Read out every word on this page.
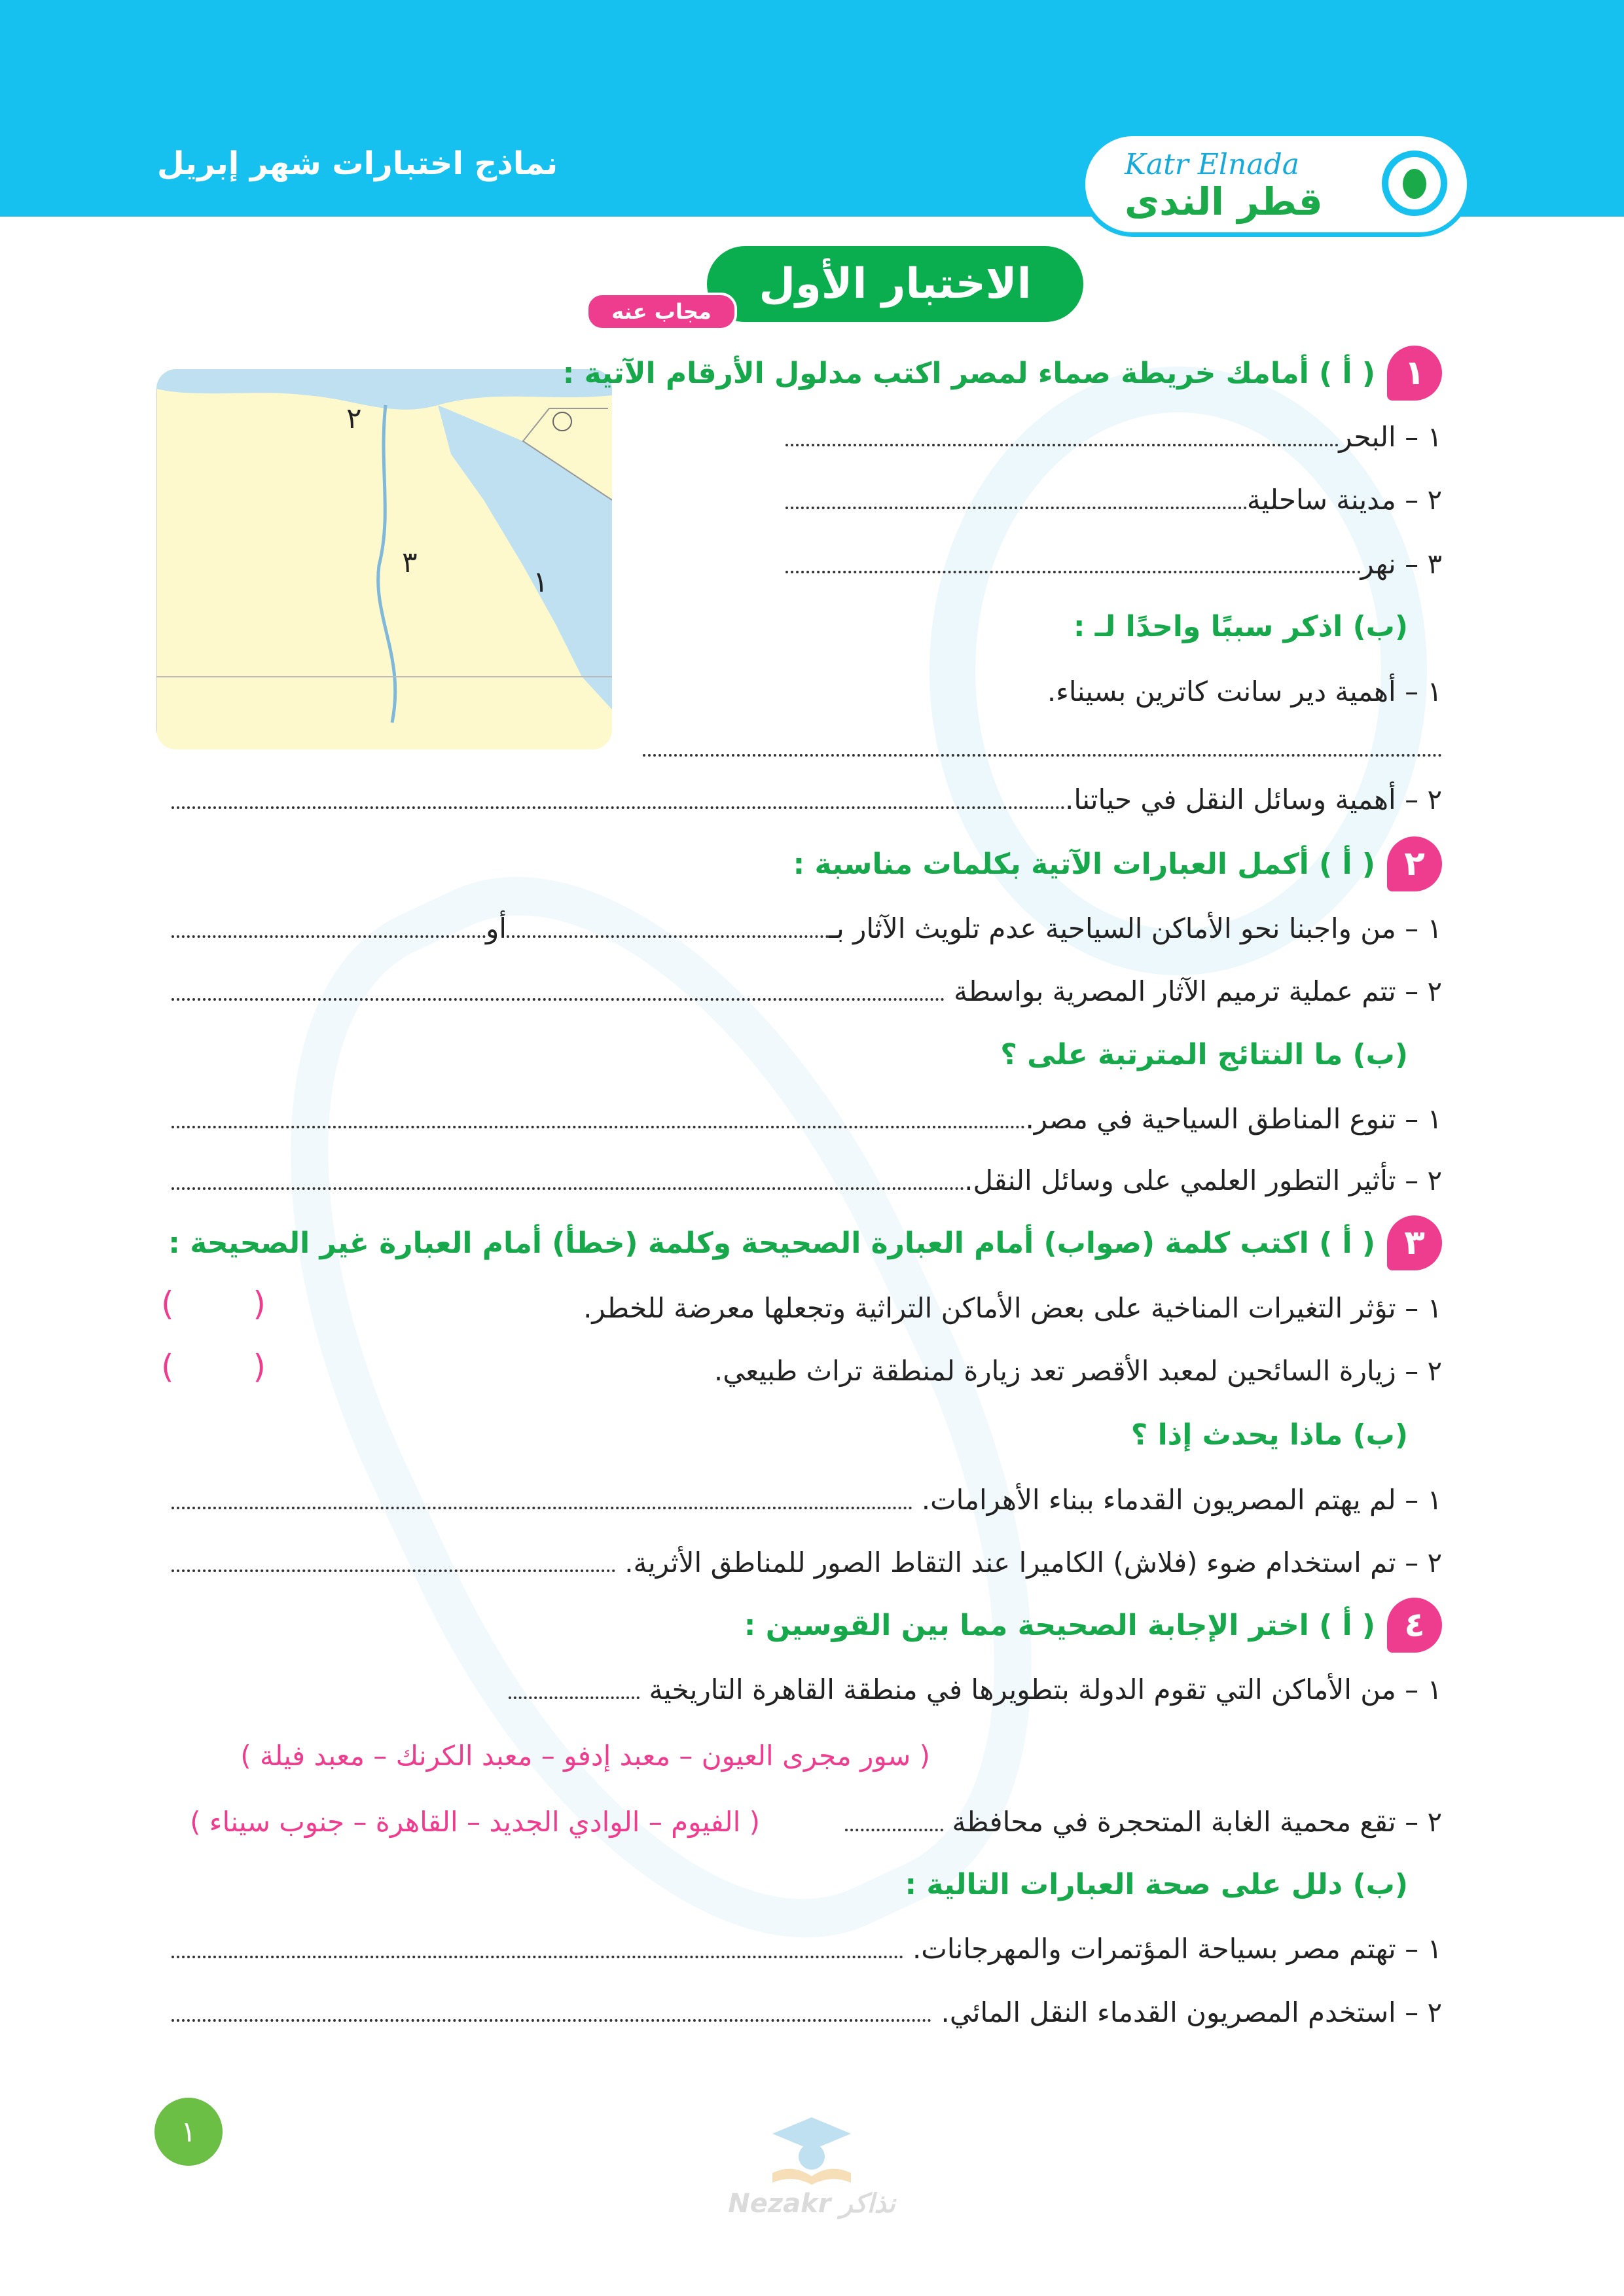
نماذج اختبارات شهر إبريل	Katr Elnada
قطر الندى
الاختبار الأول
مجاب عنه
٢
٣
١
١
( أ ) أمامك خريطة صماء لمصر اكتب مدلول الأرقام الآتية :
١ – البحر
٢ – مدينة ساحلية
٣ – نهر
(ب) اذكر سببًا واحدًا لـ :
١ – أهمية دير سانت كاترين بسيناء.
٢ – أهمية وسائل النقل في حياتنا.
٢
( أ ) أكمل العبارات الآتية بكلمات مناسبة :
١ – من واجبنا نحو الأماكن السياحية عدم تلويث الآثار بـ
أو
٢ – تتم عملية ترميم الآثار المصرية بواسطة
(ب) ما النتائج المترتبة على ؟
١ – تنوع المناطق السياحية في مصر.
٢ – تأثير التطور العلمي على وسائل النقل.
٣
( أ ) اكتب كلمة (صواب) أمام العبارة الصحيحة وكلمة (خطأ) أمام العبارة غير الصحيحة :
١ – تؤثر التغيرات المناخية على بعض الأماكن التراثية وتجعلها معرضة للخطر.
( )
٢ – زيارة السائحين لمعبد الأقصر تعد زيارة لمنطقة تراث طبيعي.
( )
(ب) ماذا يحدث إذا ؟
١ – لم يهتم المصريون القدماء ببناء الأهرامات.
٢ – تم استخدام ضوء (فلاش) الكاميرا عند التقاط الصور للمناطق الأثرية.
٤
( أ ) اختر الإجابة الصحيحة مما بين القوسين :
١ – من الأماكن التي تقوم الدولة بتطويرها في منطقة القاهرة التاريخية
( سور مجرى العيون – معبد إدفو – معبد الكرنك – معبد فيلة )
٢ – تقع محمية الغابة المتحجرة في محافظة
( الفيوم – الوادي الجديد – القاهرة – جنوب سيناء )
(ب) دلل على صحة العبارات التالية :
١ – تهتم مصر بسياحة المؤتمرات والمهرجانات.
٢ – استخدم المصريون القدماء النقل المائي.
١
Nezakr نذاكر
